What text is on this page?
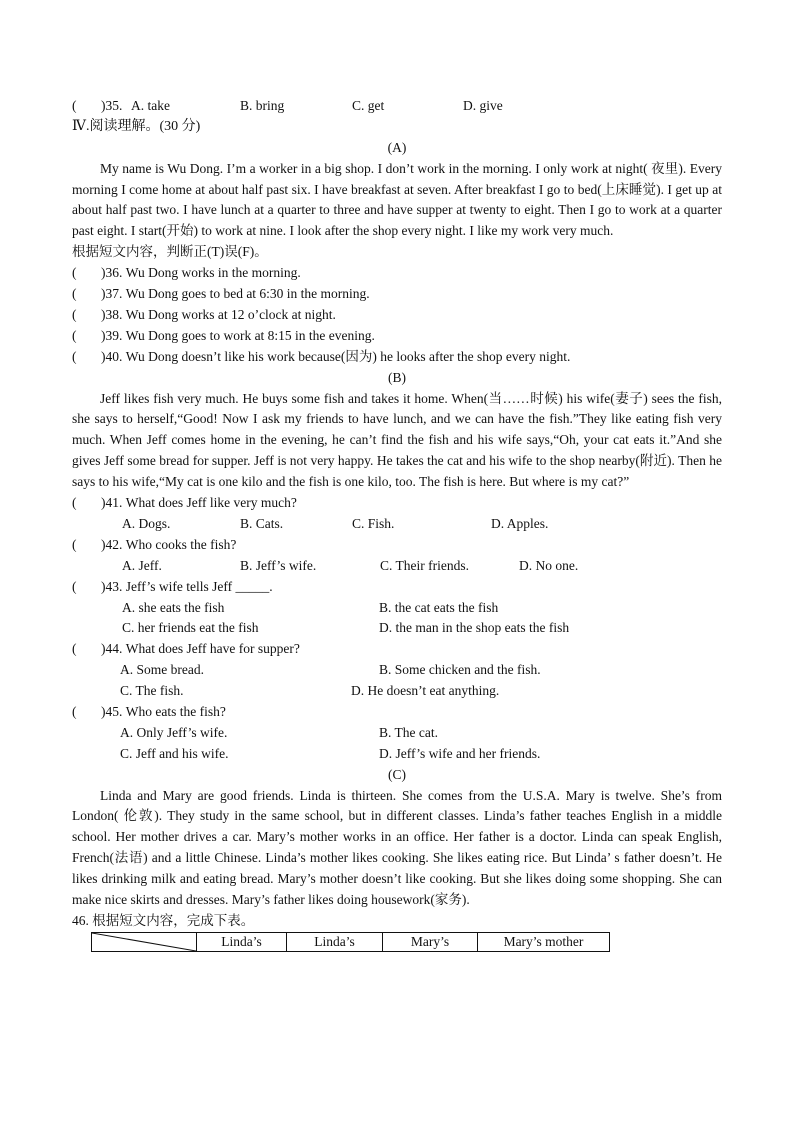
( )35. A. take	B. bring	C. get	D. give
Ⅳ.阅读理解。(30 分)
(A)

My name is Wu Dong. I’m a worker in a big shop. I don’t work in the morning. I only work at night( 夜里). Every morning I come home at about half past six. I have breakfast at seven. After breakfast I go to bed(上床睡觉). I get up at about half past two. I have lunch at a quarter to three and have supper at twenty to eight. Then I go to work at a quarter past eight. I start(开始) to work at nine. I look after the shop every night. I like my work very much.

根据短文内容，判断正(T)误(F)。
(	)36.
Wu Dong works in the morning.
(	)37.
Wu Dong goes to bed at 6:30 in the morning.
(	)38.
Wu Dong works at 12 o’clock at night.
(	)39.
Wu Dong goes to work at 8:15 in the evening.
(	)40.
Wu Dong doesn’t like his work because(因为) he looks after the shop every night.
(B)

Jeff likes fish very much. He buys some fish and takes it home. When(当……时候) his wife(妻子) sees the fish, she says to herself,“Good! Now I ask my friends to have lunch, and we can have the fish.”They like eating fish very much. When Jeff comes home in the evening, he can’t find the fish and his wife says,“Oh, your cat eats it.”And she gives Jeff some bread for supper. Jeff is not very happy. He takes the cat and his wife to the shop nearby(附近). Then he says to his wife,“My cat is one kilo and the fish is one kilo, too. The fish is here. But where is my cat?”

(	)41.
What does Jeff like very much?
A. Dogs.	B. Cats.	C. Fish.	D. Apples.
(	)42.
Who cooks the fish?
A. Jeff.	B. Jeff’s wife.	C. Their friends.	D. No one.
(	)43.
Jeff’s wife tells Jeff _____.
A. she eats the fish	B. the cat eats the fish
C. her friends eat the fish	D. the man in the shop eats the fish
(	)44.
What does Jeff have for supper?
A. Some bread.	B. Some chicken and the fish.
C. The fish.	D. He doesn’t eat anything.
(	)45.
Who eats the fish?
A. Only Jeff’s wife.	B. The cat.
C. Jeff and his wife.	D. Jeff’s wife and her friends.
(C)

Linda and Mary are good friends. Linda is thirteen. She comes from the U.S.A. Mary is twelve. She’s from London( 伦敦). They study in the same school, but in different classes. Linda’s father teaches English in a middle school. Her mother drives a car. Mary’s mother works in an office. Her father is a doctor. Linda can speak English, French(法语) and a little Chinese. Linda’s mother likes cooking. She likes eating rice. But Linda’ s father doesn’t. He likes drinking milk and eating bread. Mary’s mother doesn’t like cooking. But she likes doing some shopping. She can make nice skirts and dresses. Mary’s father likes doing housework(家务).

46. 根据短文内容，完成下表。
	Linda’s	Linda’s	Mary’s	Mary’s mother
